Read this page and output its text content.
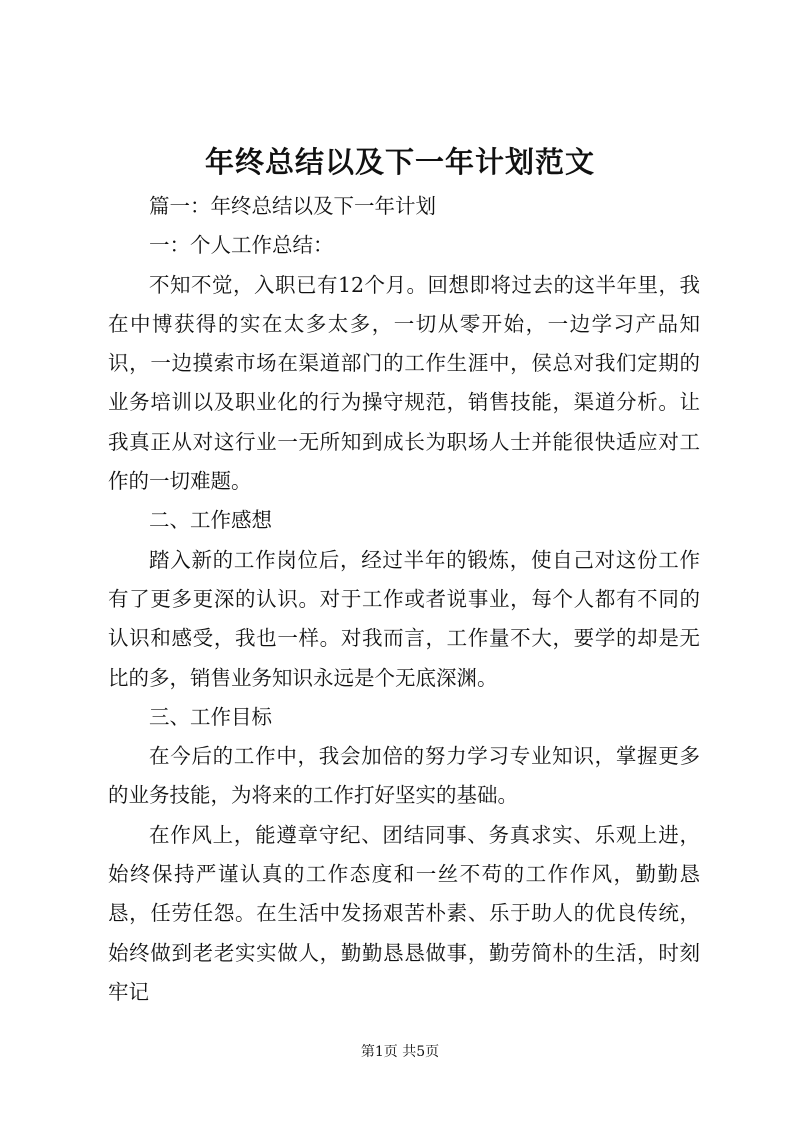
年终总结以及下一年计划范文

篇一：年终总结以及下一年计划

一：个人工作总结：

不知不觉，入职已有12个月。回想即将过去的这半年里，我在中博获得的实在太多太多，一切从零开始，一边学习产品知识，一边摸索市场在渠道部门的工作生涯中，侯总对我们定期的业务培训以及职业化的行为操守规范，销售技能，渠道分析。让我真正从对这行业一无所知到成长为职场人士并能很快适应对工作的一切难题。

二、工作感想

踏入新的工作岗位后，经过半年的锻炼，使自己对这份工作有了更多更深的认识。对于工作或者说事业，每个人都有不同的认识和感受，我也一样。对我而言，工作量不大，要学的却是无比的多，销售业务知识永远是个无底深渊。

三、工作目标

在今后的工作中，我会加倍的努力学习专业知识，掌握更多的业务技能，为将来的工作打好坚实的基础。

在作风上，能遵章守纪、团结同事、务真求实、乐观上进，始终保持严谨认真的工作态度和一丝不苟的工作作风，勤勤恳恳，任劳任怨。在生活中发扬艰苦朴素、乐于助人的优良传统，始终做到老老实实做人，勤勤恳恳做事，勤劳简朴的生活，时刻牢记

第1页 共5页
